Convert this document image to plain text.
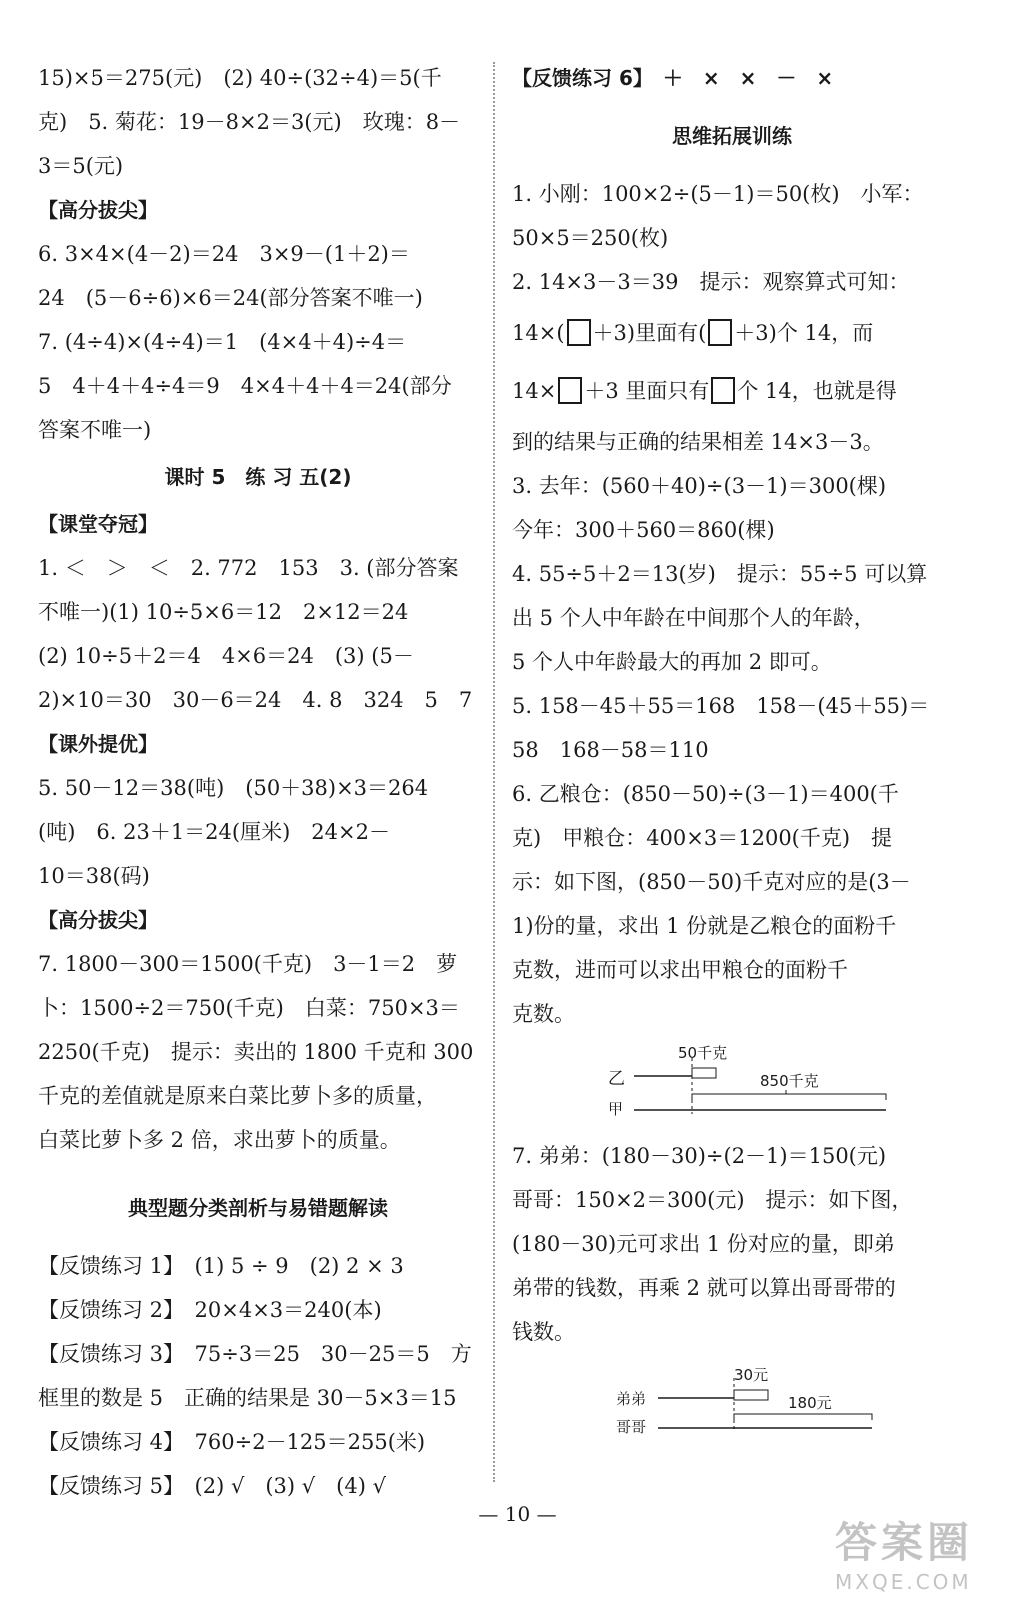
15)×5＝275(元)　(2) 40÷(32÷4)＝5(千
克)　5. 菊花：19－8×2＝3(元)　玫瑰：8－
3＝5(元)
【高分拔尖】
6. 3×4×(4－2)＝24　3×9－(1＋2)＝
24　(5－6÷6)×6＝24(部分答案不唯一)
7. (4÷4)×(4÷4)＝1　(4×4＋4)÷4＝
5　4＋4＋4÷4＝9　4×4＋4＋4＝24(部分
答案不唯一)
课时 5　练 习 五(2)
【课堂夺冠】
1. ＜　＞　＜　2. 772　153　3. (部分答案
不唯一)(1) 10÷5×6＝12　2×12＝24
(2) 10÷5＋2＝4　4×6＝24　(3) (5－
2)×10＝30　30－6＝24　4. 8　324　5　7
【课外提优】
5. 50－12＝38(吨)　(50＋38)×3＝264
(吨)　6. 23＋1＝24(厘米)　24×2－
10＝38(码)
【高分拔尖】
7. 1800－300＝1500(千克)　3－1＝2　萝
卜：1500÷2＝750(千克)　白菜：750×3＝
2250(千克)　提示：卖出的 1800 千克和 300
千克的差值就是原来白菜比萝卜多的质量，
白菜比萝卜多 2 倍，求出萝卜的质量。
典型题分类剖析与易错题解读
【反馈练习 1】　(1) 5 ÷ 9　(2) 2 × 3
【反馈练习 2】　20×4×3＝240(本)
【反馈练习 3】　75÷3＝25　30－25＝5　方
框里的数是 5　正确的结果是 30－5×3＝15
【反馈练习 4】　760÷2－125＝255(米)
【反馈练习 5】　(2) √　(3) √　(4) √
【反馈练习 6】　＋　×　×　－　×
思维拓展训练
1. 小刚：100×2÷(5－1)＝50(枚)　小军：
50×5＝250(枚)
2. 14×3－3＝39　提示：观察算式可知：
14×( ＋3)里面有( ＋3)个 14，而
14× ＋3 里面只有 个 14，也就是得
到的结果与正确的结果相差 14×3－3。
3. 去年：(560＋40)÷(3－1)＝300(棵)
今年：300＋560＝860(棵)
4. 55÷5＋2＝13(岁)　提示：55÷5 可以算
出 5 个人中年龄在中间那个人的年龄，
5 个人中年龄最大的再加 2 即可。
5. 158－45＋55＝168　158－(45＋55)＝
58　168－58＝110
6. 乙粮仓：(850－50)÷(3－1)＝400(千
克)　甲粮仓：400×3＝1200(千克)　提
示：如下图，(850－50)千克对应的是(3－
1)份的量，求出 1 份就是乙粮仓的面粉千
克数，进而可以求出甲粮仓的面粉千
克数。
50千克
850千克
乙
甲
7. 弟弟：(180－30)÷(2－1)＝150(元)
哥哥：150×2＝300(元)　提示：如下图，
(180－30)元可求出 1 份对应的量，即弟
弟带的钱数，再乘 2 就可以算出哥哥带的
钱数。
30元
180元
弟弟
哥哥
— 10 —
答案圈
MXQE.COM
